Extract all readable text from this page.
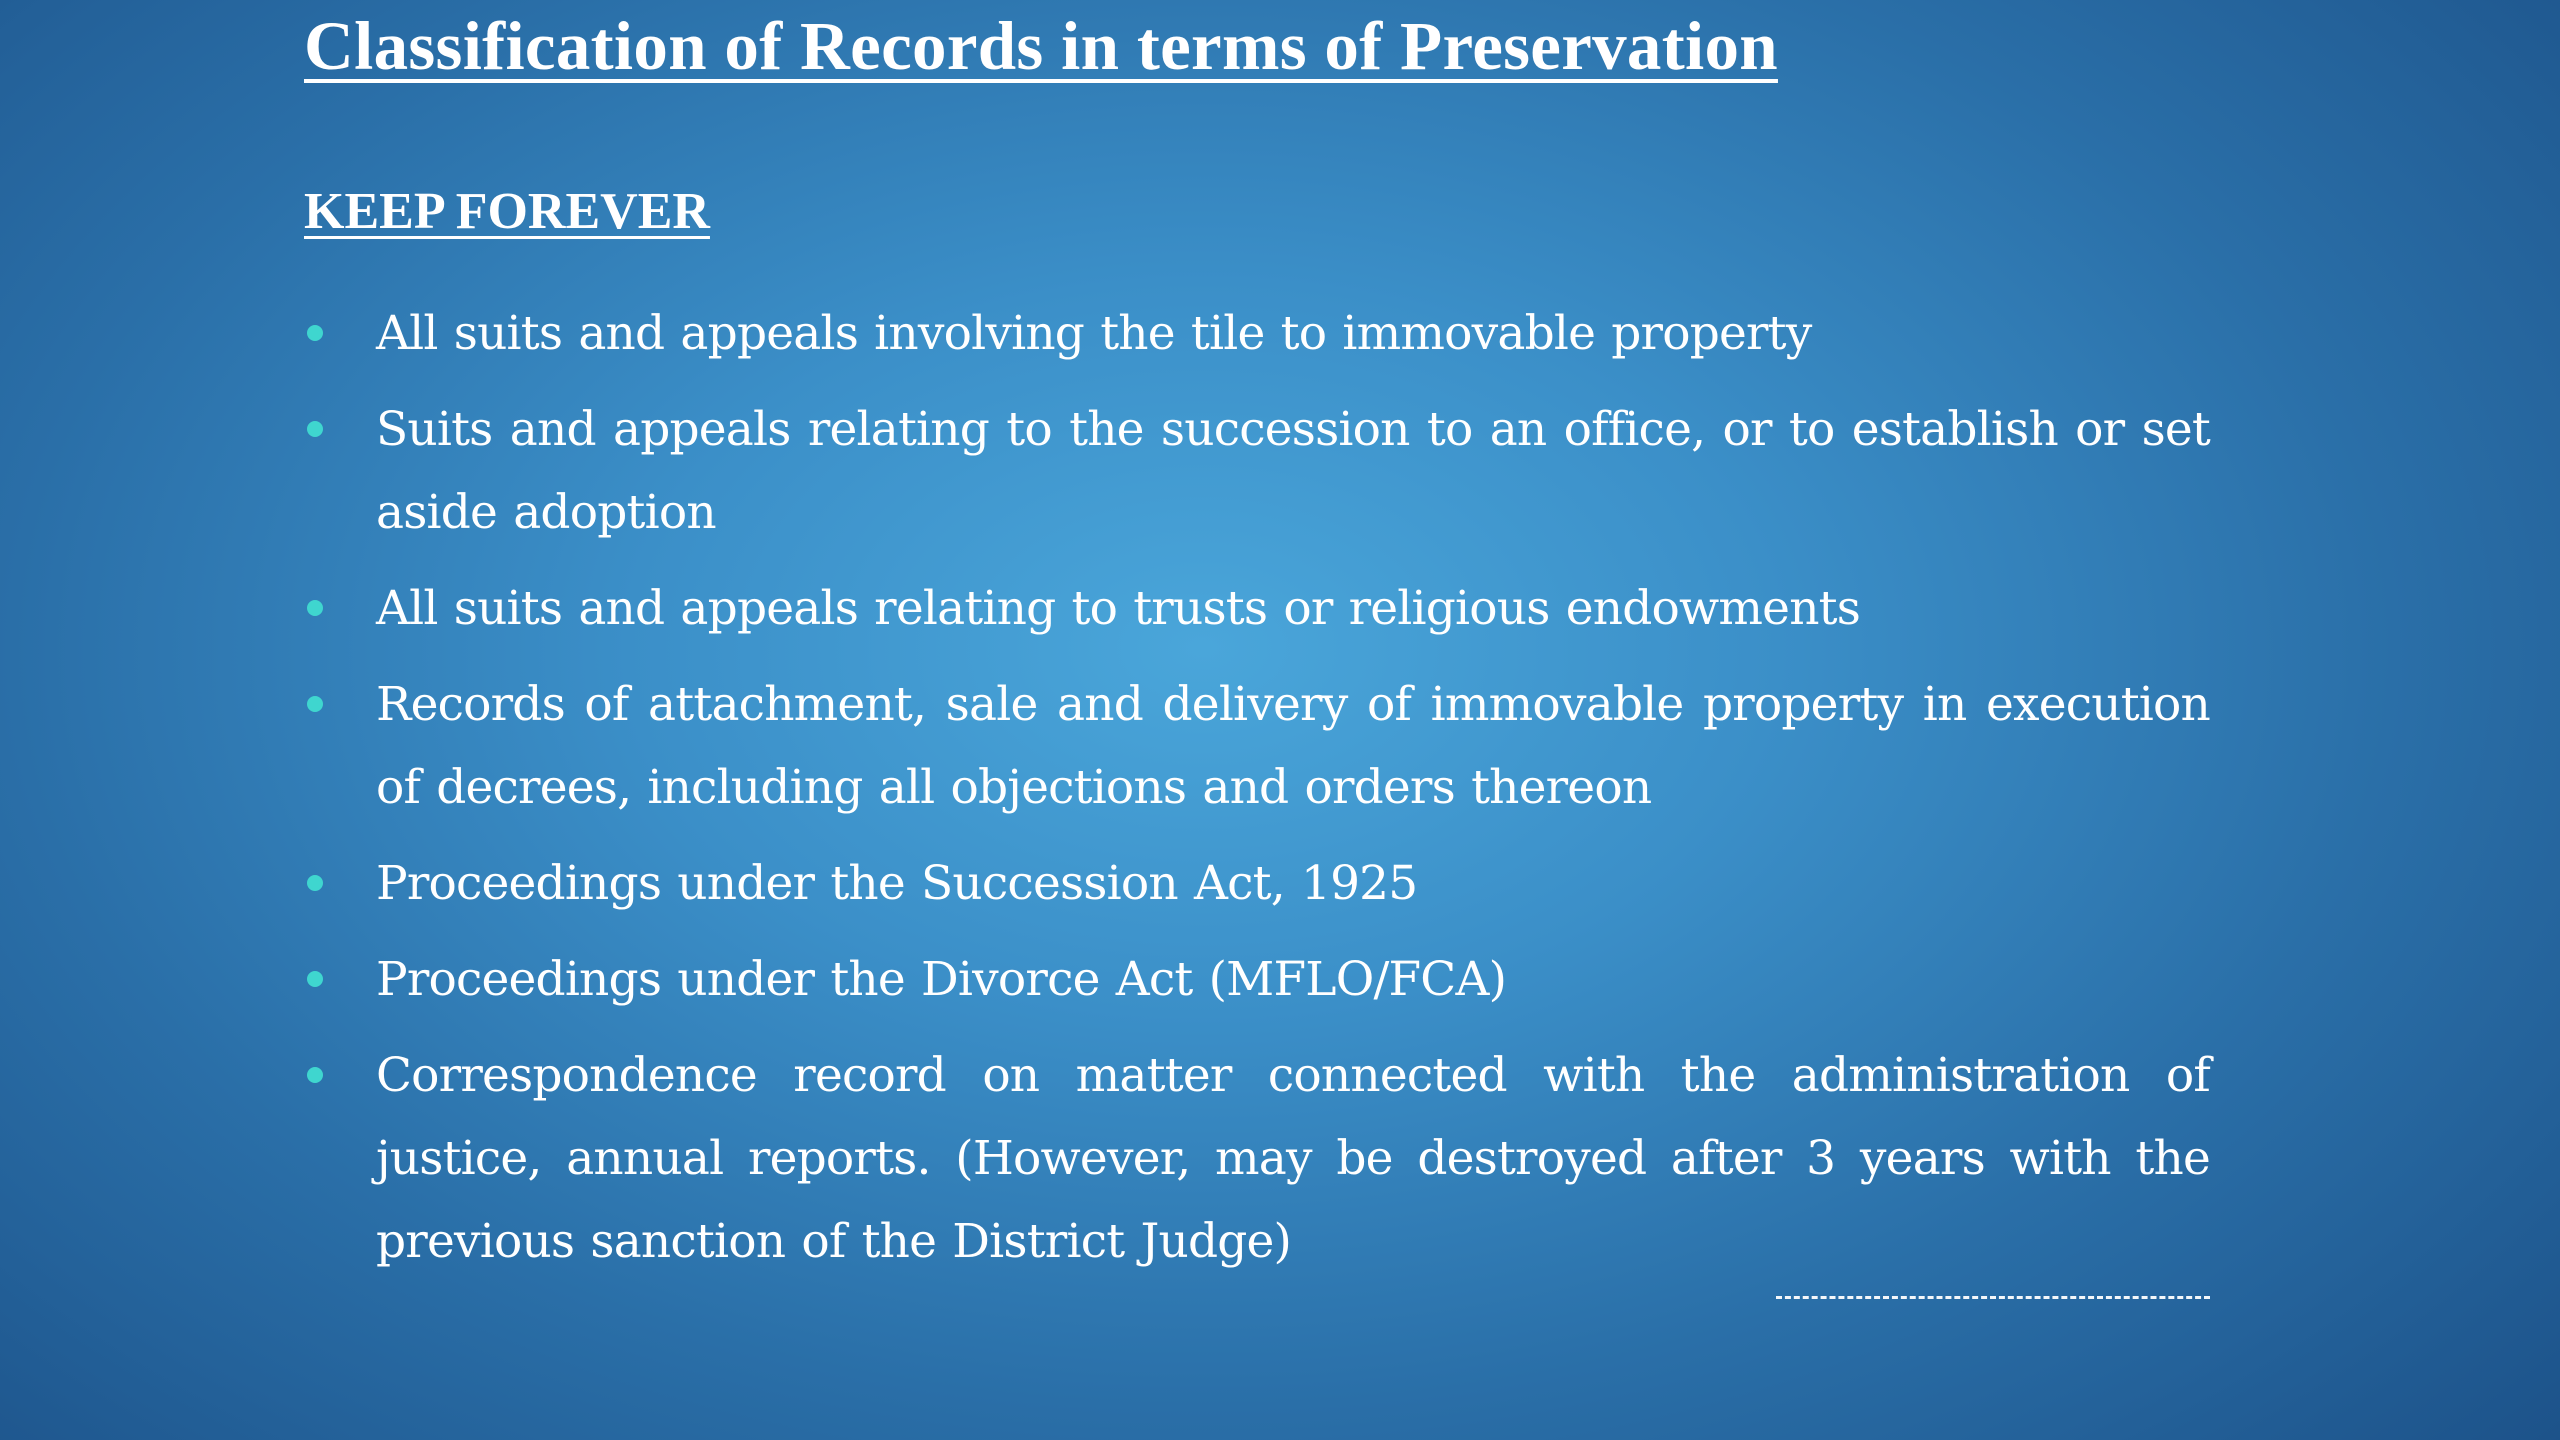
Classification of Records in terms of Preservation
KEEP FOREVER
All suits and appeals involving the tile to immovable property
Suits and appeals relating to the succession to an office, or to establish or set aside adoption
All suits and appeals relating to trusts or religious endowments
Records of attachment, sale and delivery of immovable property in execution of decrees, including all objections and orders thereon
Proceedings under the Succession Act, 1925
Proceedings under the Divorce Act (MFLO/FCA)
Correspondence record on matter connected with the administration of justice, annual reports. (However, may be destroyed after 3 years with the previous sanction of the District Judge)
